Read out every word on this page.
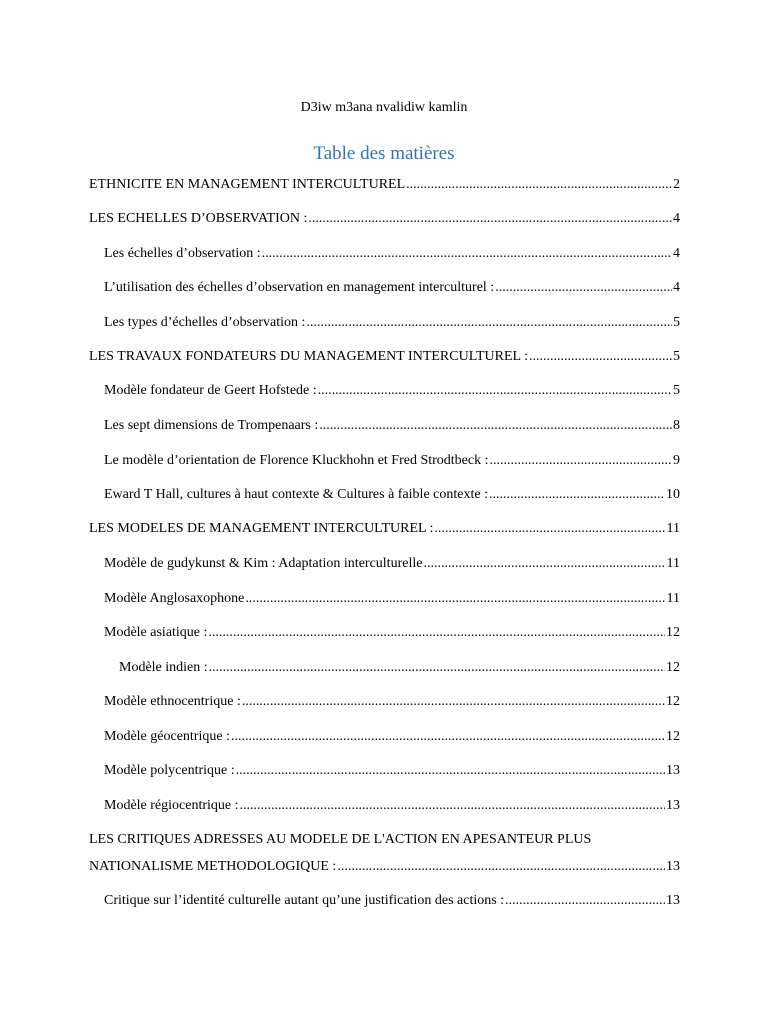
D3iw m3ana nvalidiw kamlin
Table des matières
ETHNICITE EN MANAGEMENT INTERCULTUREL .....	2
LES ECHELLES D’OBSERVATION : .....	4
Les échelles d’observation : .....	4
L’utilisation des échelles d’observation en management interculturel : .....	4
Les types d’échelles d’observation : .....	5
LES TRAVAUX FONDATEURS DU MANAGEMENT INTERCULTUREL : .....	5
Modèle fondateur de Geert Hofstede : .....	5
Les sept dimensions de Trompenaars : .....	8
Le modèle d’orientation de Florence Kluckhohn et Fred Strodtbeck : .....	9
Eward T Hall, cultures à haut contexte & Cultures à faible contexte : .....	10
LES MODELES DE MANAGEMENT INTERCULTUREL : .....	11
Modèle de gudykunst & Kim : Adaptation interculturelle .....	11
Modèle Anglosaxophone .....	11
Modèle asiatique : .....	12
Modèle indien : .....	12
Modèle ethnocentrique : .....	12
Modèle géocentrique : .....	12
Modèle polycentrique : .....	13
Modèle régiocentrique : .....	13
LES CRITIQUES ADRESSES AU MODELE DE L'ACTION EN APESANTEUR PLUS
NATIONALISME METHODOLOGIQUE : .....	13
Critique sur l’identité culturelle autant qu’une justification des actions : .....	13
